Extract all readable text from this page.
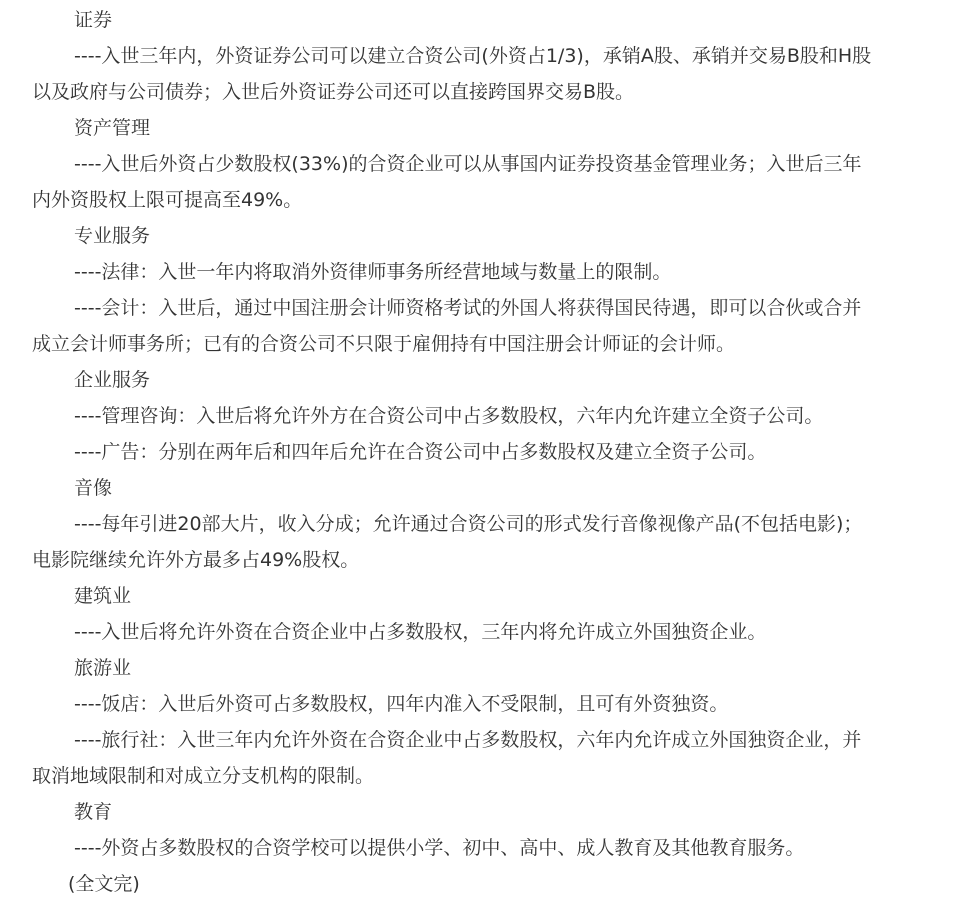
证券

----入世三年内，外资证券公司可以建立合资公司(外资占1/3)，承销A股、承销并交易B股和H股

以及政府与公司债券；入世后外资证券公司还可以直接跨国界交易B股。

资产管理

----入世后外资占少数股权(33%)的合资企业可以从事国内证券投资基金管理业务；入世后三年

内外资股权上限可提高至49%。

专业服务

----法律：入世一年内将取消外资律师事务所经营地域与数量上的限制。

----会计：入世后，通过中国注册会计师资格考试的外国人将获得国民待遇，即可以合伙或合并

成立会计师事务所；已有的合资公司不只限于雇佣持有中国注册会计师证的会计师。

企业服务

----管理咨询：入世后将允许外方在合资公司中占多数股权，六年内允许建立全资子公司。

----广告：分别在两年后和四年后允许在合资公司中占多数股权及建立全资子公司。

音像

----每年引进20部大片，收入分成；允许通过合资公司的形式发行音像视像产品(不包括电影)；

电影院继续允许外方最多占49%股权。

建筑业

----入世后将允许外资在合资企业中占多数股权，三年内将允许成立外国独资企业。

旅游业

----饭店：入世后外资可占多数股权，四年内准入不受限制，且可有外资独资。

----旅行社：入世三年内允许外资在合资企业中占多数股权，六年内允许成立外国独资企业，并

取消地域限制和对成立分支机构的限制。

教育

----外资占多数股权的合资学校可以提供小学、初中、高中、成人教育及其他教育服务。

(全文完)
